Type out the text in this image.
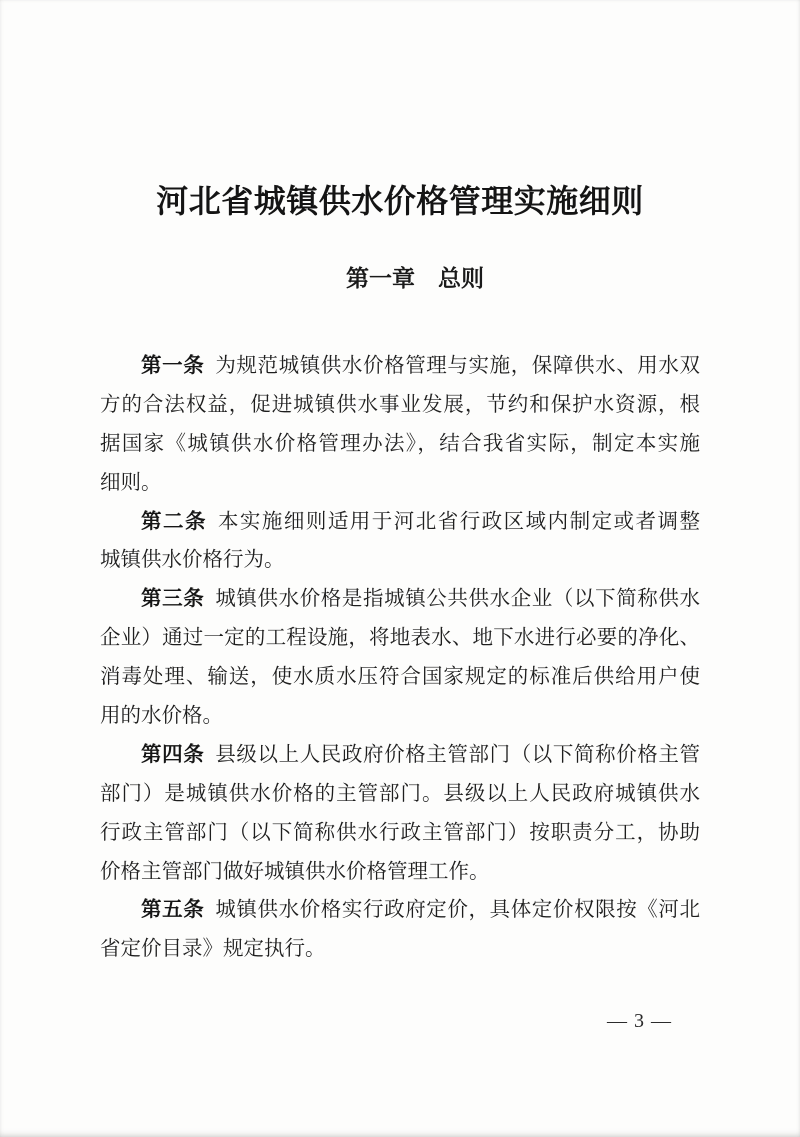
河北省城镇供水价格管理实施细则
第一章　总则
第一条 为规范城镇供水价格管理与实施，保障供水、用水双
方的合法权益，促进城镇供水事业发展，节约和保护水资源，根
据国家《城镇供水价格管理办法》，结合我省实际，制定本实施
细则。
第二条 本实施细则适用于河北省行政区域内制定或者调整
城镇供水价格行为。
第三条 城镇供水价格是指城镇公共供水企业（以下简称供水
企业）通过一定的工程设施，将地表水、地下水进行必要的净化、
消毒处理、输送，使水质水压符合国家规定的标准后供给用户使
用的水价格。
第四条 县级以上人民政府价格主管部门（以下简称价格主管
部门）是城镇供水价格的主管部门。县级以上人民政府城镇供水
行政主管部门（以下简称供水行政主管部门）按职责分工，协助
价格主管部门做好城镇供水价格管理工作。
第五条 城镇供水价格实行政府定价，具体定价权限按《河北
省定价目录》规定执行。
— 3 —
